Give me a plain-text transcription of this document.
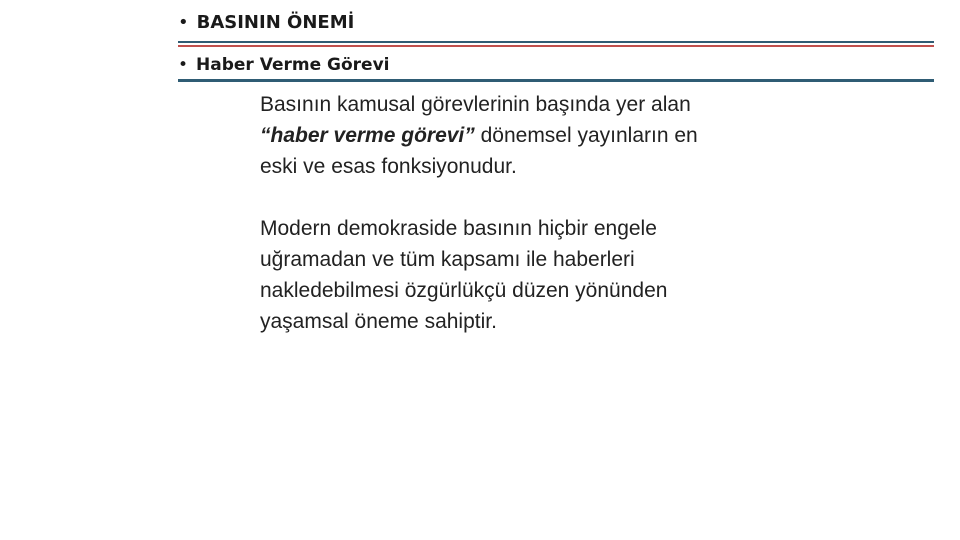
• BASININ ÖNEMİ
• Haber Verme Görevi
Basının kamusal görevlerinin başında yer alan
“haber verme görevi” dönemsel yayınların en
eski ve esas fonksiyonudur.
Modern demokraside basının hiçbir engele
uğramadan ve tüm kapsamı ile haberleri
nakledebilmesi özgürlükçü düzen yönünden
yaşamsal öneme sahiptir.
